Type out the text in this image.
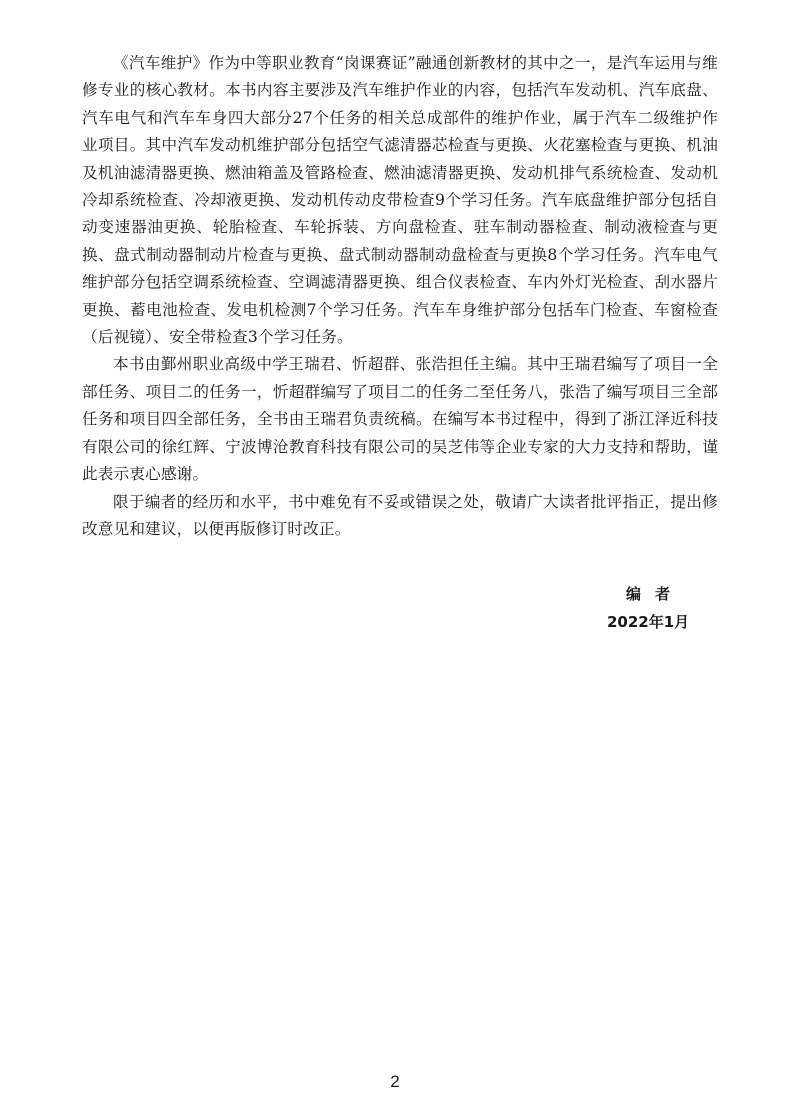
《汽车维护》作为中等职业教育“岗课赛证”融通创新教材的其中之一，是汽车运用与维修专业的核心教材。本书内容主要涉及汽车维护作业的内容，包括汽车发动机、汽车底盘、汽车电气和汽车车身四大部分27个任务的相关总成部件的维护作业，属于汽车二级维护作业项目。其中汽车发动机维护部分包括空气滤清器芯检查与更换、火花塞检查与更换、机油及机油滤清器更换、燃油箱盖及管路检查、燃油滤清器更换、发动机排气系统检查、发动机冷却系统检查、冷却液更换、发动机传动皮带检查9个学习任务。汽车底盘维护部分包括自动变速器油更换、轮胎检查、车轮拆装、方向盘检查、驻车制动器检查、制动液检查与更换、盘式制动器制动片检查与更换、盘式制动器制动盘检查与更换8个学习任务。汽车电气维护部分包括空调系统检查、空调滤清器更换、组合仪表检查、车内外灯光检查、刮水器片更换、蓄电池检查、发电机检测7个学习任务。汽车车身维护部分包括车门检查、车窗检查（后视镜）、安全带检查3个学习任务。

本书由鄞州职业高级中学王瑞君、忻超群、张浩担任主编。其中王瑞君编写了项目一全部任务、项目二的任务一，忻超群编写了项目二的任务二至任务八，张浩了编写项目三全部任务和项目四全部任务，全书由王瑞君负责统稿。在编写本书过程中，得到了浙江泽近科技有限公司的徐红辉、宁波博沧教育科技有限公司的吴芝伟等企业专家的大力支持和帮助，谨此表示衷心感谢。

限于编者的经历和水平，书中难免有不妥或错误之处，敬请广大读者批评指正，提出修改意见和建议，以便再版修订时改正。

编者
2022年1月
2
